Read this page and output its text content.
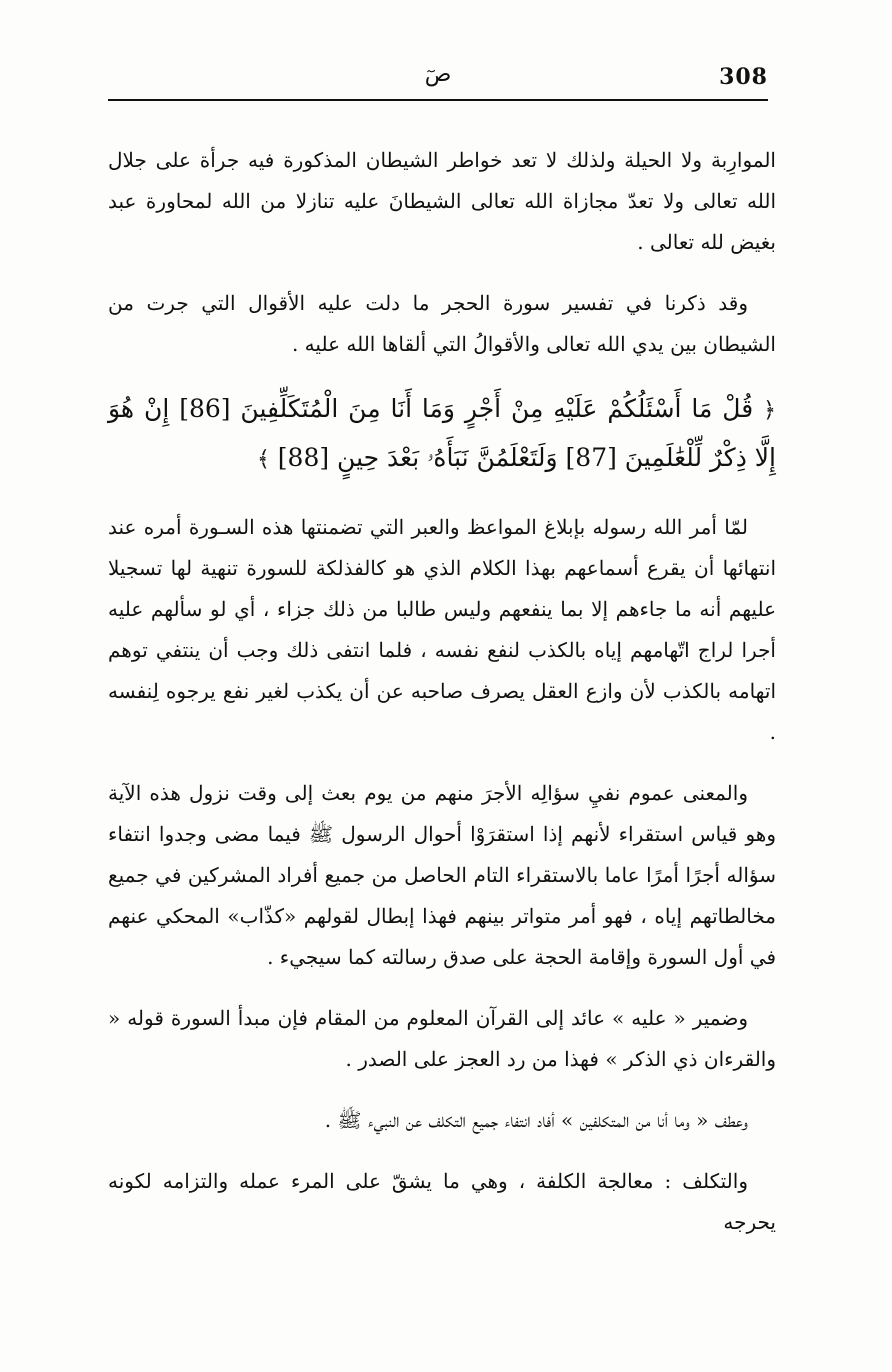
308
صٓ

الموارِبة ولا الحيلة ولذلك لا تعد خواطر الشيطان المذكورة فيه جرأة على جلال الله تعالى ولا تعدّ مجازاة الله تعالى الشيطانَ عليه تنازلا من الله لمحاورة عبد بغيض لله تعالى .

وقد ذكرنا في تفسير سورة الحجر ما دلت عليه الأقوال التي جرت من الشيطان بين يدي الله تعالى والأقوالُ التي ألقاها الله عليه .

﴿ قُلْ مَا أَسْئَلُكُمْ عَلَيْهِ مِنْ أَجْرٍ وَمَا أَنَا مِنَ الْمُتَكَلِّفِينَ [86] إِنْ هُوَ إِلَّا ذِكْرٌ لِّلْعَٰلَمِينَ [87] وَلَتَعْلَمُنَّ نَبَأَهُۥ بَعْدَ حِينٍ [88] ﴾

لمّا أمر الله رسوله بإبلاغ المواعظ والعبر التي تضمنتها هذه السـورة أمره عند انتهائها أن يقرع أسماعهم بهذا الكلام الذي هو كالفذلكة للسورة تنهية لها تسجيلا عليهم أنه ما جاءهم إلا بما ينفعهم وليس طالبا من ذلك جزاء ، أي لو سألهم عليه أجرا لراج اتّهامهم إياه بالكذب لنفع نفسه ، فلما انتفى ذلك وجب أن ينتفي توهم اتهامه بالكذب لأن وازع العقل يصرف صاحبه عن أن يكذب لغير نفع يرجوه لِنفسه .

والمعنى عموم نفيِ سؤالِه الأجرَ منهم من يوم بعث إلى وقت نزول هذه الآية وهو قياس استقراء لأنهم إذا استقرَوْا أحوال الرسول ﷺ فيما مضى وجدوا انتفاء سؤاله أجرًا أمرًا عاما بالاستقراء التام الحاصل من جميع أفراد المشركين في جميع مخالطاتهم إياه ، فهو أمر متواتر بينهم فهذا إبطال لقولهم «كذّاب» المحكي عنهم في أول السورة وإقامة الحجة على صدق رسالته كما سيجيء .

وضمير « عليه » عائد إلى القرآن المعلوم من المقام فإن مبدأ السورة قوله « والقرءان ذي الذكر » فهذا من رد العجز على الصدر .

وعطف « وما أنا من المتكلفين » أفاد انتفاء جميع التكلف عن النبيء ﷺ .

والتكلف : معالجة الكلفة ، وهي ما يشقّ على المرء عمله والتزامه لكونه يحرجه
